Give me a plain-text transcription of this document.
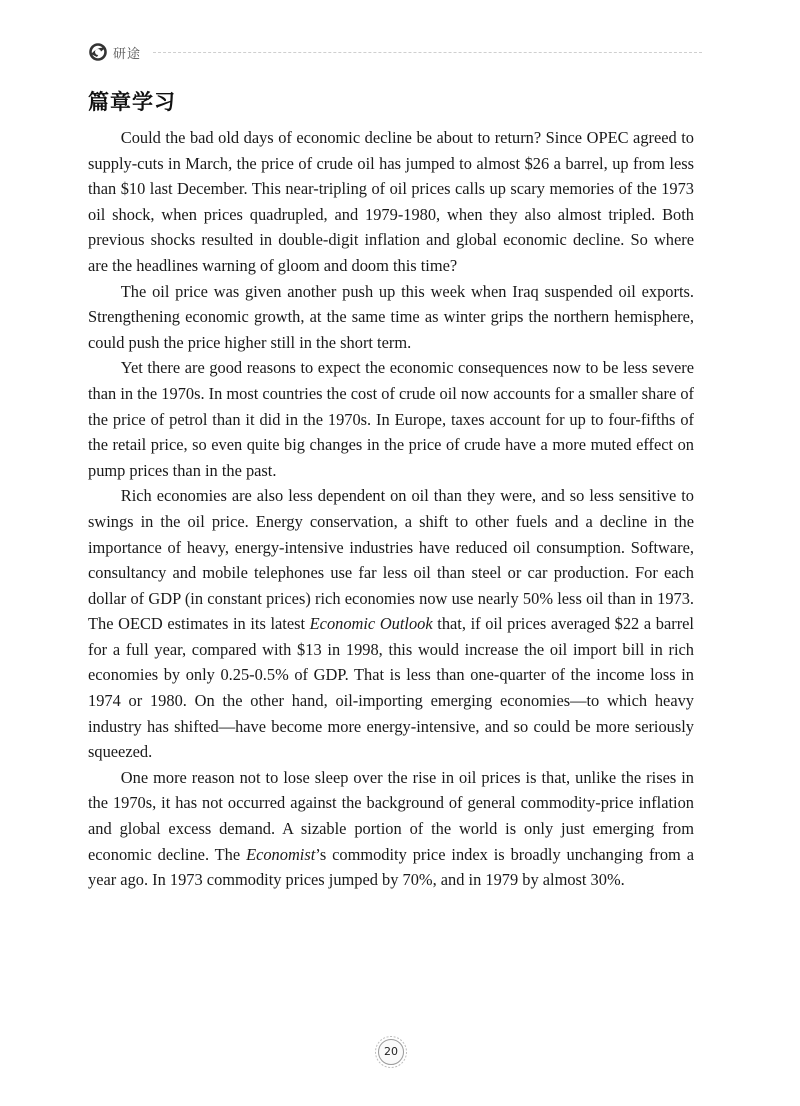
研途
篇章学习

Could the bad old days of economic decline be about to return? Since OPEC agreed to supply-cuts in March, the price of crude oil has jumped to almost $26 a barrel, up from less than $10 last December. This near-tripling of oil prices calls up scary memories of the 1973 oil shock, when prices quadrupled, and 1979-1980, when they also almost tripled. Both previous shocks resulted in double-digit inflation and global economic decline. So where are the headlines warning of gloom and doom this time?

The oil price was given another push up this week when Iraq suspended oil exports. Strengthening economic growth, at the same time as winter grips the northern hemisphere, could push the price higher still in the short term.

Yet there are good reasons to expect the economic consequences now to be less severe than in the 1970s. In most countries the cost of crude oil now accounts for a smaller share of the price of petrol than it did in the 1970s. In Europe, taxes account for up to four-fifths of the retail price, so even quite big changes in the price of crude have a more muted effect on pump prices than in the past.

Rich economies are also less dependent on oil than they were, and so less sensitive to swings in the oil price. Energy conservation, a shift to other fuels and a decline in the importance of heavy, energy-intensive industries have reduced oil consumption. Software, consultancy and mobile telephones use far less oil than steel or car production. For each dollar of GDP (in constant prices) rich economies now use nearly 50% less oil than in 1973. The OECD estimates in its latest Economic Outlook that, if oil prices averaged $22 a barrel for a full year, compared with $13 in 1998, this would increase the oil import bill in rich economies by only 0.25-0.5% of GDP. That is less than one-quarter of the income loss in 1974 or 1980. On the other hand, oil-importing emerging economies—to which heavy industry has shifted—have become more energy-intensive, and so could be more seriously squeezed.

One more reason not to lose sleep over the rise in oil prices is that, unlike the rises in the 1970s, it has not occurred against the background of general commodity-price inflation and global excess demand. A sizable portion of the world is only just emerging from economic decline. The Economist’s commodity price index is broadly unchanging from a year ago. In 1973 commodity prices jumped by 70%, and in 1979 by almost 30%.

20
